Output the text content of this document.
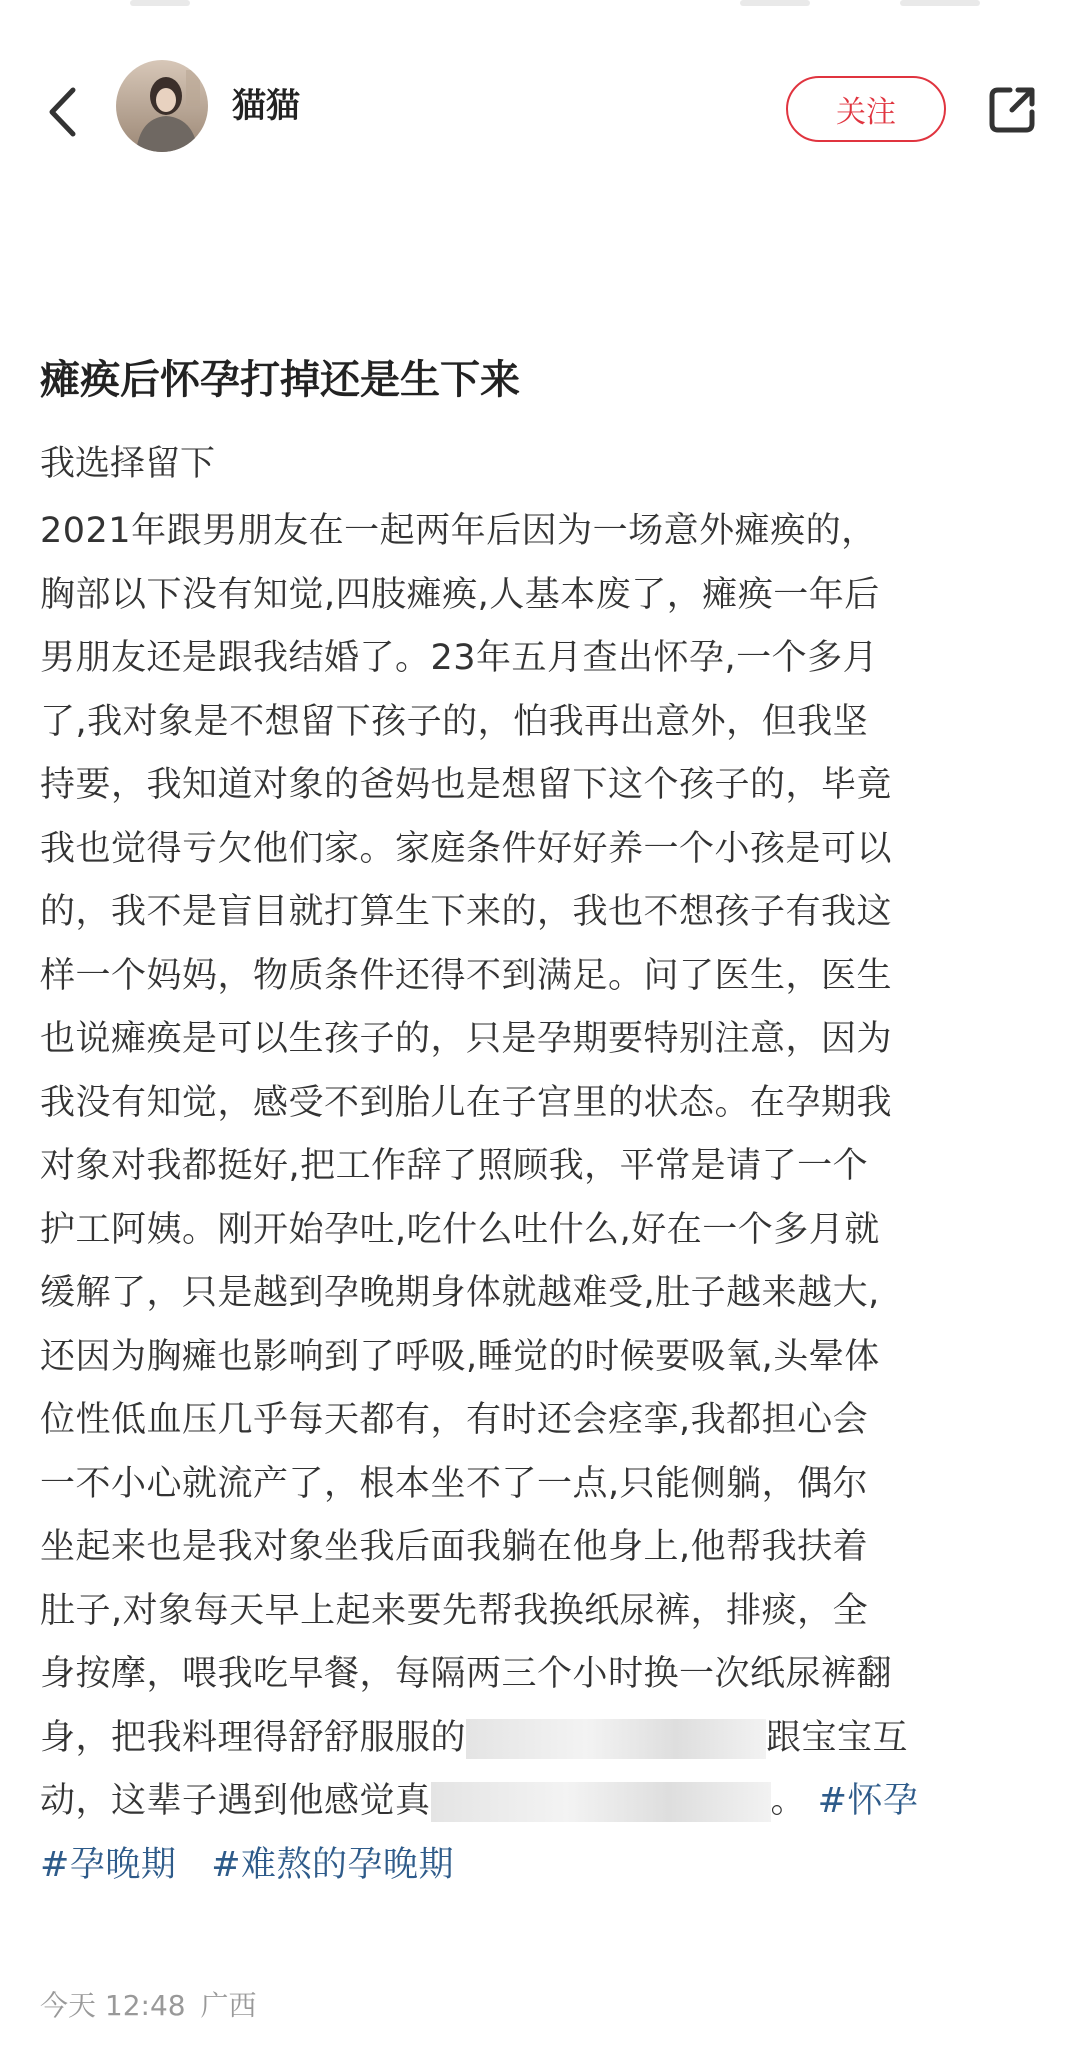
猫猫	关注
瘫痪后怀孕打掉还是生下来
我选择留下
2021年跟男朋友在一起两年后因为一场意外瘫痪的，
胸部以下没有知觉,四肢瘫痪,人基本废了，瘫痪一年后
男朋友还是跟我结婚了。23年五月查出怀孕,一个多月
了,我对象是不想留下孩子的，怕我再出意外，但我坚
持要，我知道对象的爸妈也是想留下这个孩子的，毕竟
我也觉得亏欠他们家。家庭条件好好养一个小孩是可以
的，我不是盲目就打算生下来的，我也不想孩子有我这
样一个妈妈，物质条件还得不到满足。问了医生，医生
也说瘫痪是可以生孩子的，只是孕期要特别注意，因为
我没有知觉，感受不到胎儿在子宫里的状态。在孕期我
对象对我都挺好,把工作辞了照顾我，平常是请了一个
护工阿姨。刚开始孕吐,吃什么吐什么,好在一个多月就
缓解了，只是越到孕晚期身体就越难受,肚子越来越大,
还因为胸瘫也影响到了呼吸,睡觉的时候要吸氧,头晕体
位性低血压几乎每天都有，有时还会痉挛,我都担心会
一不小心就流产了，根本坐不了一点,只能侧躺，偶尔
坐起来也是我对象坐我后面我躺在他身上,他帮我扶着
肚子,对象每天早上起来要先帮我换纸尿裤，排痰，全
身按摩，喂我吃早餐，每隔两三个小时换一次纸尿裤翻
身，把我料理得舒舒服服的	跟宝宝互
动，这辈子遇到他感觉真	。 #怀孕
#孕晚期 #难熬的孕晚期
今天 12:48 广西
